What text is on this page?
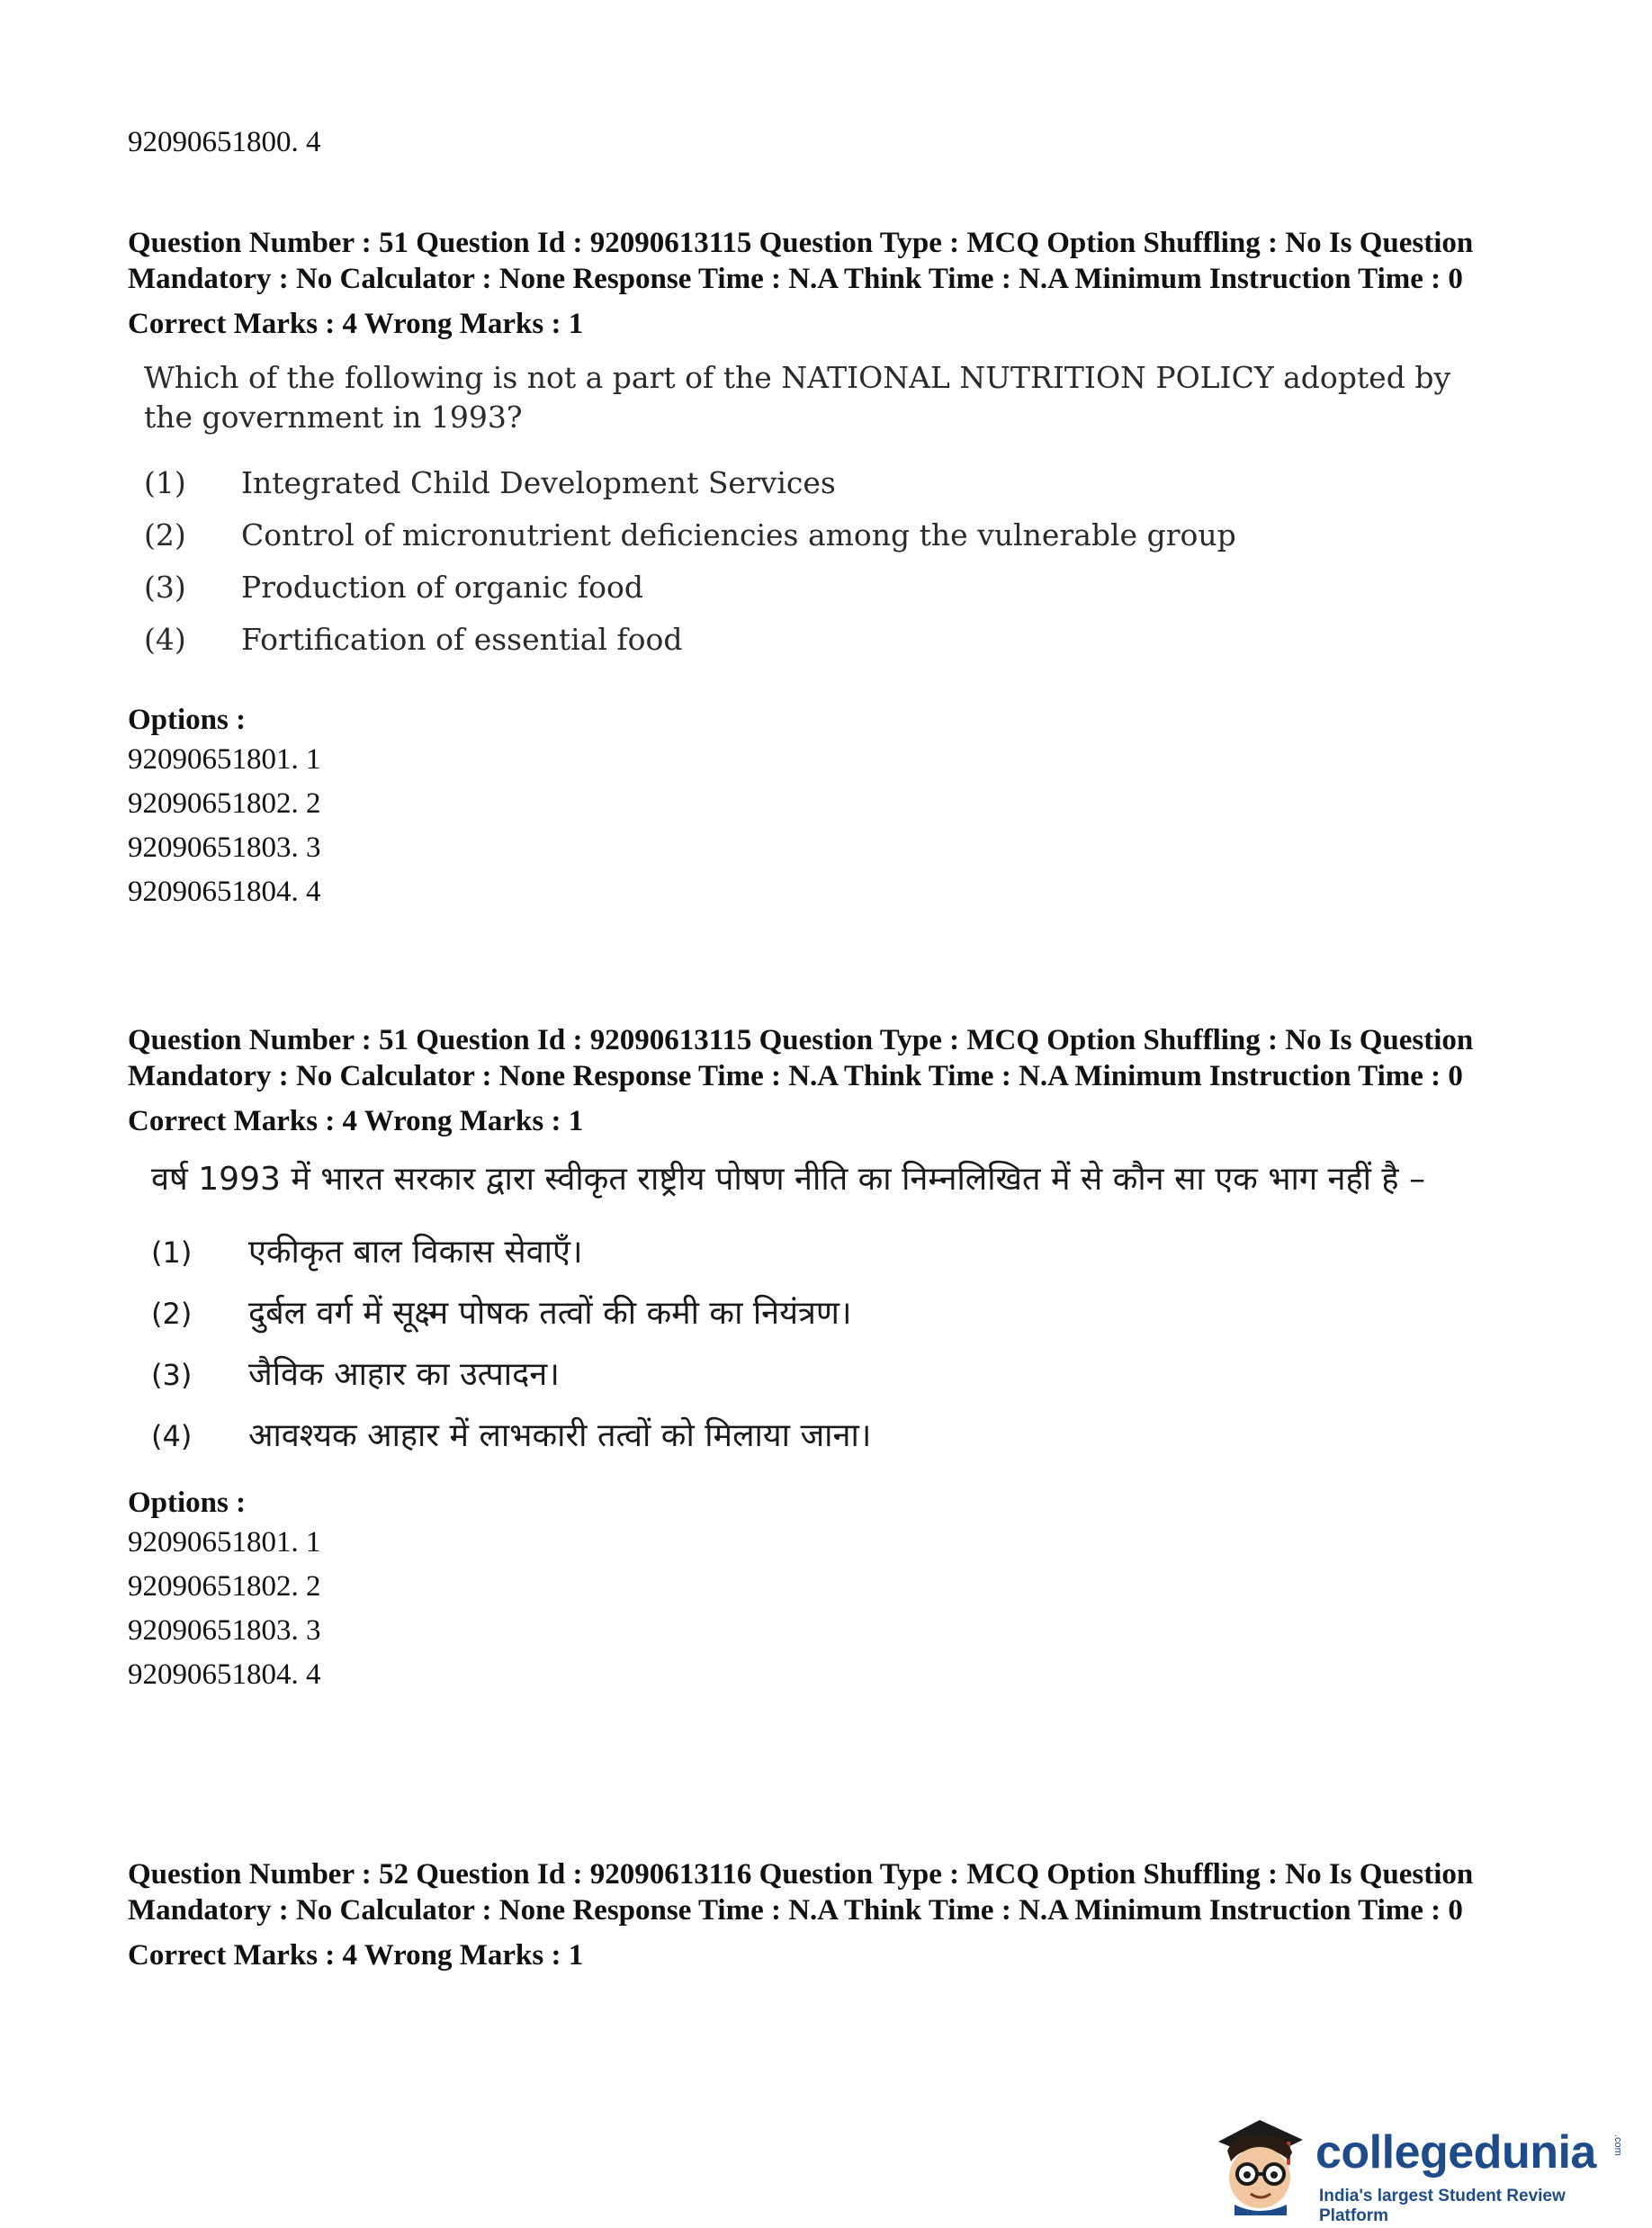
92090651800. 4

Question Number : 51 Question Id : 92090613115 Question Type : MCQ Option Shuffling : No Is Question Mandatory : No Calculator : None Response Time : N.A Think Time : N.A Minimum Instruction Time : 0

Correct Marks : 4 Wrong Marks : 1

Which of the following is not a part of the NATIONAL NUTRITION POLICY adopted by the government in 1993?

(1)	Integrated Child Development Services
(2)	Control of micronutrient deficiencies among the vulnerable group
(3)	Production of organic food
(4)	Fortification of essential food
Options :
92090651801. 1
92090651802. 2
92090651803. 3
92090651804. 4

Question Number : 51 Question Id : 92090613115 Question Type : MCQ Option Shuffling : No Is Question Mandatory : No Calculator : None Response Time : N.A Think Time : N.A Minimum Instruction Time : 0

Correct Marks : 4 Wrong Marks : 1

वर्ष 1993 में भारत सरकार द्वारा स्वीकृत राष्ट्रीय पोषण नीति का निम्नलिखित में से कौन सा एक भाग नहीं है –

(1)	एकीकृत बाल विकास सेवाएँ।
(2)	दुर्बल वर्ग में सूक्ष्म पोषक तत्वों की कमी का नियंत्रण।
(3)	जैविक आहार का उत्पादन।
(4)	आवश्यक आहार में लाभकारी तत्वों को मिलाया जाना।
Options :
92090651801. 1
92090651802. 2
92090651803. 3
92090651804. 4

Question Number : 52 Question Id : 92090613116 Question Type : MCQ Option Shuffling : No Is Question Mandatory : No Calculator : None Response Time : N.A Think Time : N.A Minimum Instruction Time : 0

Correct Marks : 4 Wrong Marks : 1
collegedunia .com
India's largest Student Review Platform
